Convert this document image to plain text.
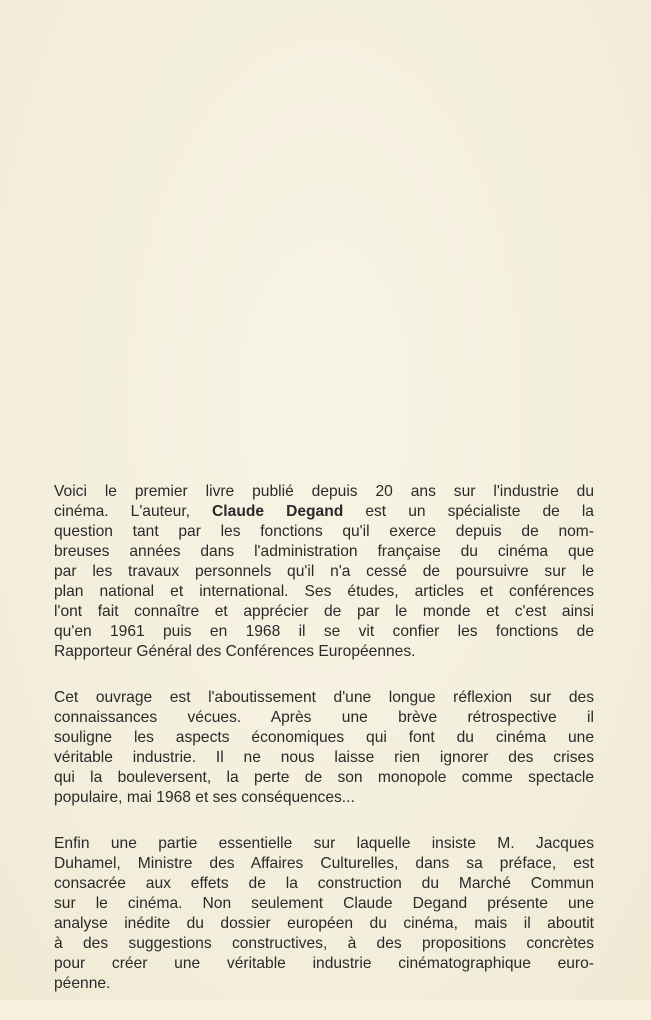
Voici le premier livre publié depuis 20 ans sur l'industrie du
cinéma. L'auteur, Claude Degand est un spécialiste de la
question tant par les fonctions qu'il exerce depuis de nom-
breuses années dans l'administration française du cinéma que
par les travaux personnels qu'il n'a cessé de poursuivre sur le
plan national et international. Ses études, articles et conférences
l'ont fait connaître et apprécier de par le monde et c'est ainsi
qu'en 1961 puis en 1968 il se vit confier les fonctions de
Rapporteur Général des Conférences Européennes.
Cet ouvrage est l'aboutissement d'une longue réflexion sur des
connaissances vécues. Après une brève rétrospective il
souligne les aspects économiques qui font du cinéma une
véritable industrie. Il ne nous laisse rien ignorer des crises
qui la bouleversent, la perte de son monopole comme spectacle
populaire, mai 1968 et ses conséquences...
Enfin une partie essentielle sur laquelle insiste M. Jacques
Duhamel, Ministre des Affaires Culturelles, dans sa préface, est
consacrée aux effets de la construction du Marché Commun
sur le cinéma. Non seulement Claude Degand présente une
analyse inédite du dossier européen du cinéma, mais il aboutit
à des suggestions constructives, à des propositions concrètes
pour créer une véritable industrie cinématographique euro-
péenne.
